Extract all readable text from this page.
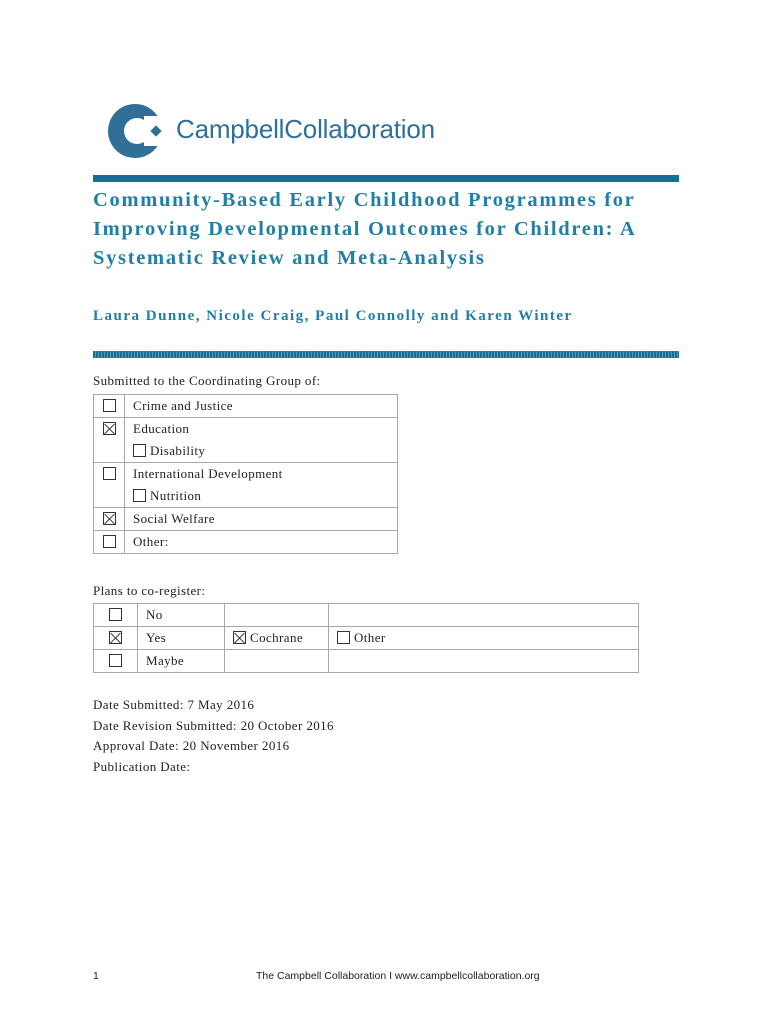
CampbellCollaboration
Community-Based Early Childhood Programmes for Improving Developmental Outcomes for Children: A Systematic Review and Meta-Analysis

Laura Dunne, Nicole Craig, Paul Connolly and Karen Winter

Submitted to the Coordinating Group of:
	Crime and Justice
	Education
	Disability
	International Development
	Nutrition
	Social Welfare
	Other:
Plans to co-register:
	No		
	Yes	Cochrane	Other
	Maybe		
Date Submitted: 7 May 2016
Date Revision Submitted: 20 October 2016
Approval Date: 20 November 2016
Publication Date:
1	The Campbell Collaboration I www.campbellcollaboration.org
